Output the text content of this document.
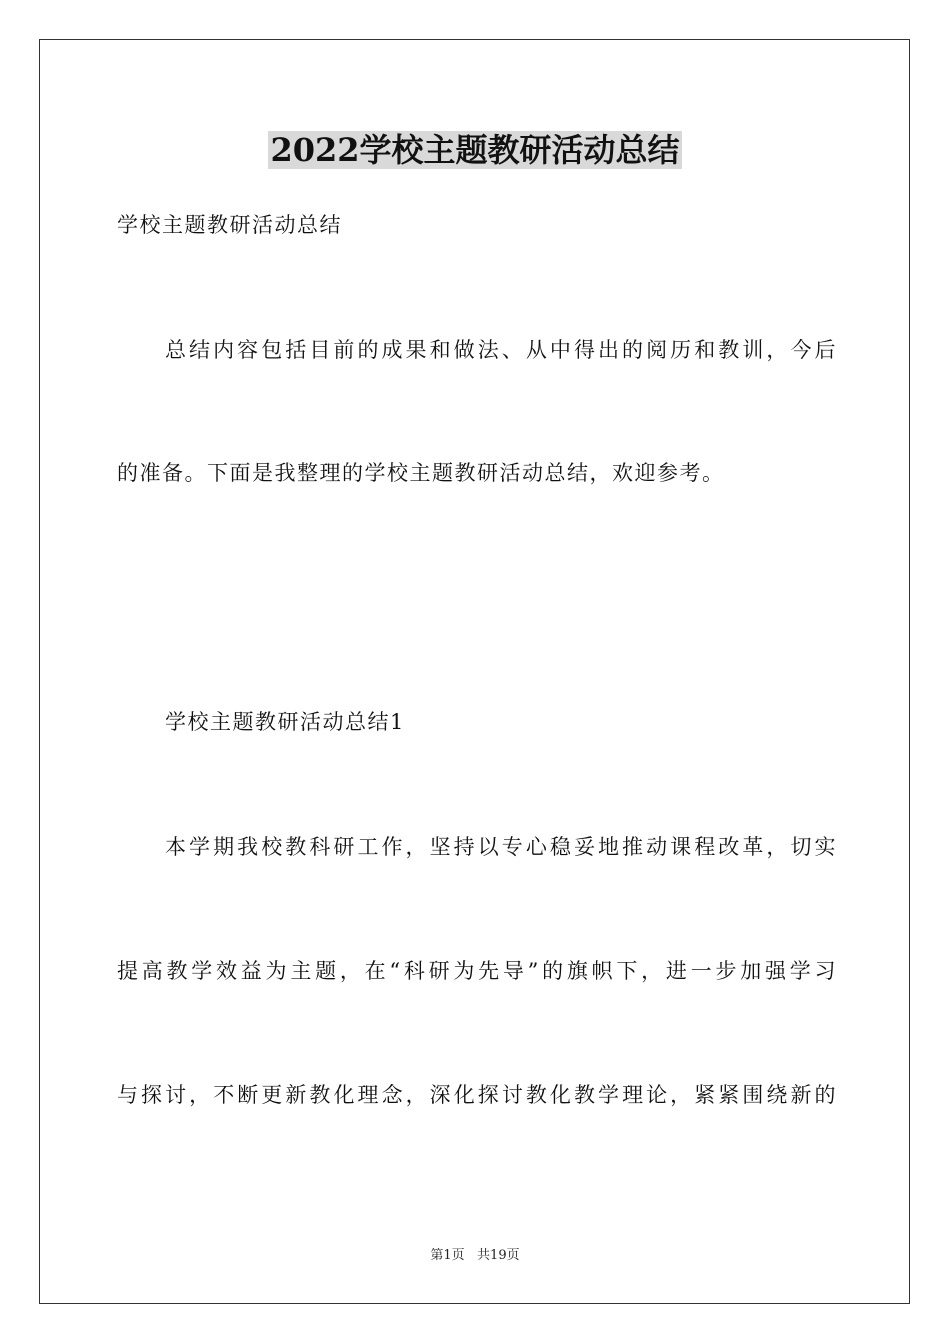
2022学校主题教研活动总结

学校主题教研活动总结

总结内容包括目前的成果和做法、从中得出的阅历和教训，今后

的准备。下面是我整理的学校主题教研活动总结，欢迎参考。

学校主题教研活动总结1

本学期我校教科研工作，坚持以专心稳妥地推动课程改革，切实

提高教学效益为主题，在“科研为先导”的旗帜下，进一步加强学习

与探讨，不断更新教化理念，深化探讨教化教学理论，紧紧围绕新的

第1页   共19页
